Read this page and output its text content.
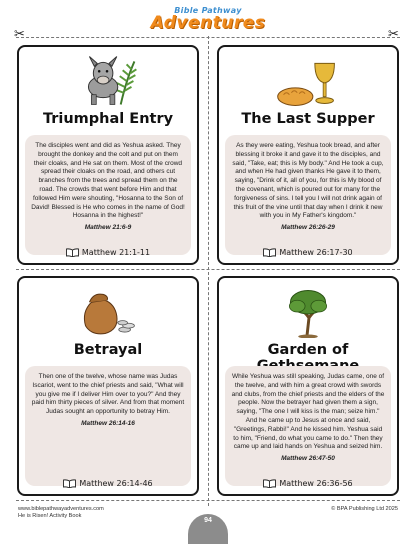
Bible Pathway
Adventures
✂	✂
Triumphal Entry

The disciples went and did as Yeshua asked. They brought the donkey and the colt and put on them their cloaks, and He sat on them. Most of the crowd spread their cloaks on the road, and others cut branches from the trees and spread them on the road. The crowds that went before Him and that followed Him were shouting, "Hosanna to the Son of David! Blessed is He who comes in the name of God! Hosanna in the highest!"

Matthew 21:6-9
Matthew 21:1-11
The Last Supper

As they were eating, Yeshua took bread, and after blessing it broke it and gave it to the disciples, and said, "Take, eat; this is My body." And He took a cup, and when He had given thanks He gave it to them, saying, "Drink of it, all of you, for this is My blood of the covenant, which is poured out for many for the forgiveness of sins. I tell you I will not drink again of this fruit of the vine until that day when I drink it new with you in My Father's kingdom."

Matthew 26:26-29
Matthew 26:17-30
Betrayal

Then one of the twelve, whose name was Judas Iscariot, went to the chief priests and said, "What will you give me if I deliver Him over to you?" And they paid him thirty pieces of silver. And from that moment Judas sought an opportunity to betray Him.

Matthew 26:14-16
Matthew 26:14-46
Garden of

While Yeshua was still speaking, Judas came, one of the twelve, and with him a great crowd with swords and clubs, from the chief priests and the elders of the people. Now the betrayer had given them a sign, saying, "The one I will kiss is the man; seize him." And he came up to Jesus at once and said, "Greetings, Rabbi!" And he kissed him. Yeshua said to him, "Friend, do what you came to do." Then they came up and laid hands on Yeshua and seized him.

Matthew 26:47-50
Matthew 26:36-56
www.biblepathwayadventures.com
He is Risen! Activity Book
© BPA Publishing Ltd 2025
94
